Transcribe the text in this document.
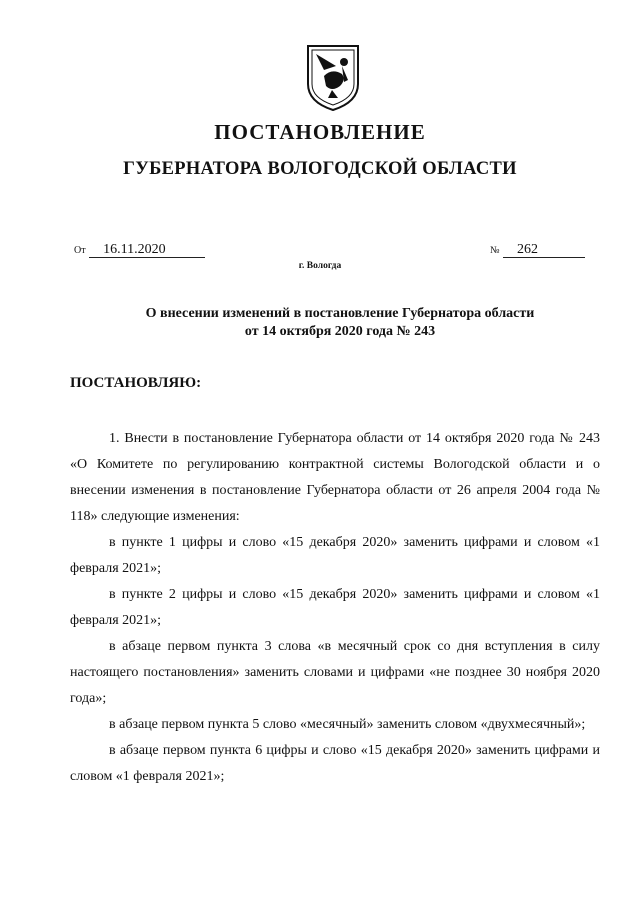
ПОСТАНОВЛЕНИЕ
ГУБЕРНАТОРА ВОЛОГОДСКОЙ ОБЛАСТИ
От 16.11.2020	№ 262
г. Вологда
О внесении изменений в постановление Губернатора области
от 14 октября 2020 года № 243
ПОСТАНОВЛЯЮ:

1. Внести в постановление Губернатора области от 14 октября 2020 года № 243 «О Комитете по регулированию контрактной системы Вологодской области и о внесении изменения в постановление Губернатора области от 26 апреля 2004 года № 118» следующие изменения:

в пункте 1 цифры и слово «15 декабря 2020» заменить цифрами и словом «1 февраля 2021»;

в пункте 2 цифры и слово «15 декабря 2020» заменить цифрами и словом «1 февраля 2021»;

в абзаце первом пункта 3 слова «в месячный срок со дня вступления в силу настоящего постановления» заменить словами и цифрами «не позднее 30 ноября 2020 года»;

в абзаце первом пункта 5 слово «месячный» заменить словом «двухмесячный»;

в абзаце первом пункта 6 цифры и слово «15 декабря 2020» заменить цифрами и словом «1 февраля 2021»;
